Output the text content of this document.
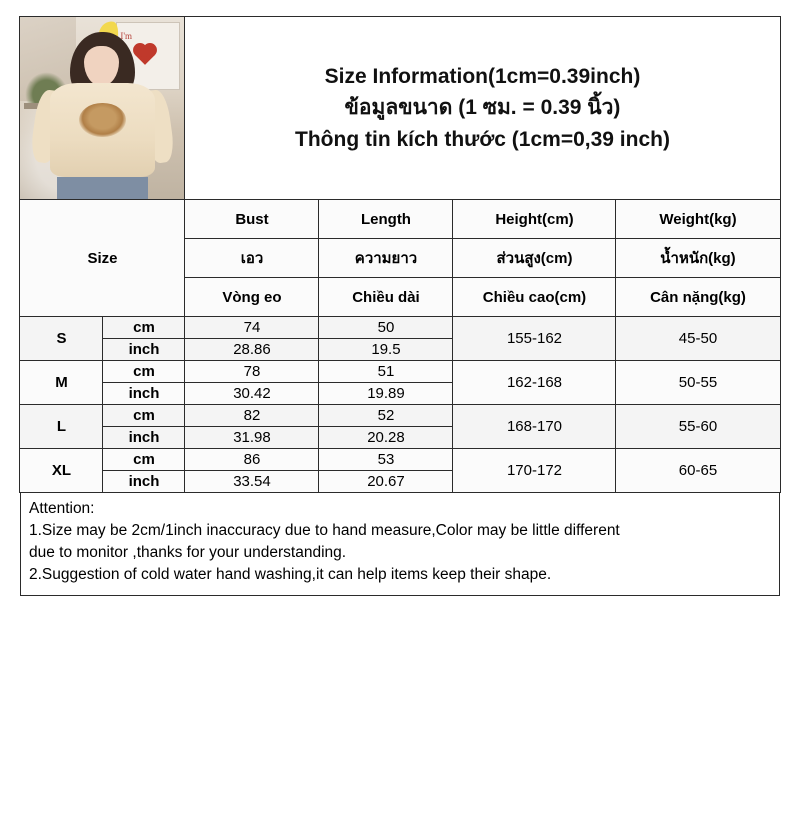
I'm		Size Information(1cm=0.39inch)
ข้อมูลขนาด (1 ซม. = 0.39 นิ้ว)
Thông tin kích thước (1cm=0,39 inch)			

Size		Bust	Length	Height(cm)	Weight(kg)
		เอว	ความยาว	ส่วนสูง(cm)	น้ำหนัก(kg)
		Vòng eo	Chiều dài	Chiều cao(cm)	Cân nặng(kg)
S	cm	74	50	155-162	45-50
	inch	28.86	19.5		
M	cm	78	51	162-168	50-55
	inch	30.42	19.89		
L	cm	82	52	168-170	55-60
	inch	31.98	20.28		
XL	cm	86	53	170-172	60-65
	inch	33.54	20.67		

Attention:

1.Size may be 2cm/1inch inaccuracy due to hand measure,Color may be little different

due to monitor ,thanks for your understanding.

2.Suggestion of cold water hand washing,it can help items keep their shape.
